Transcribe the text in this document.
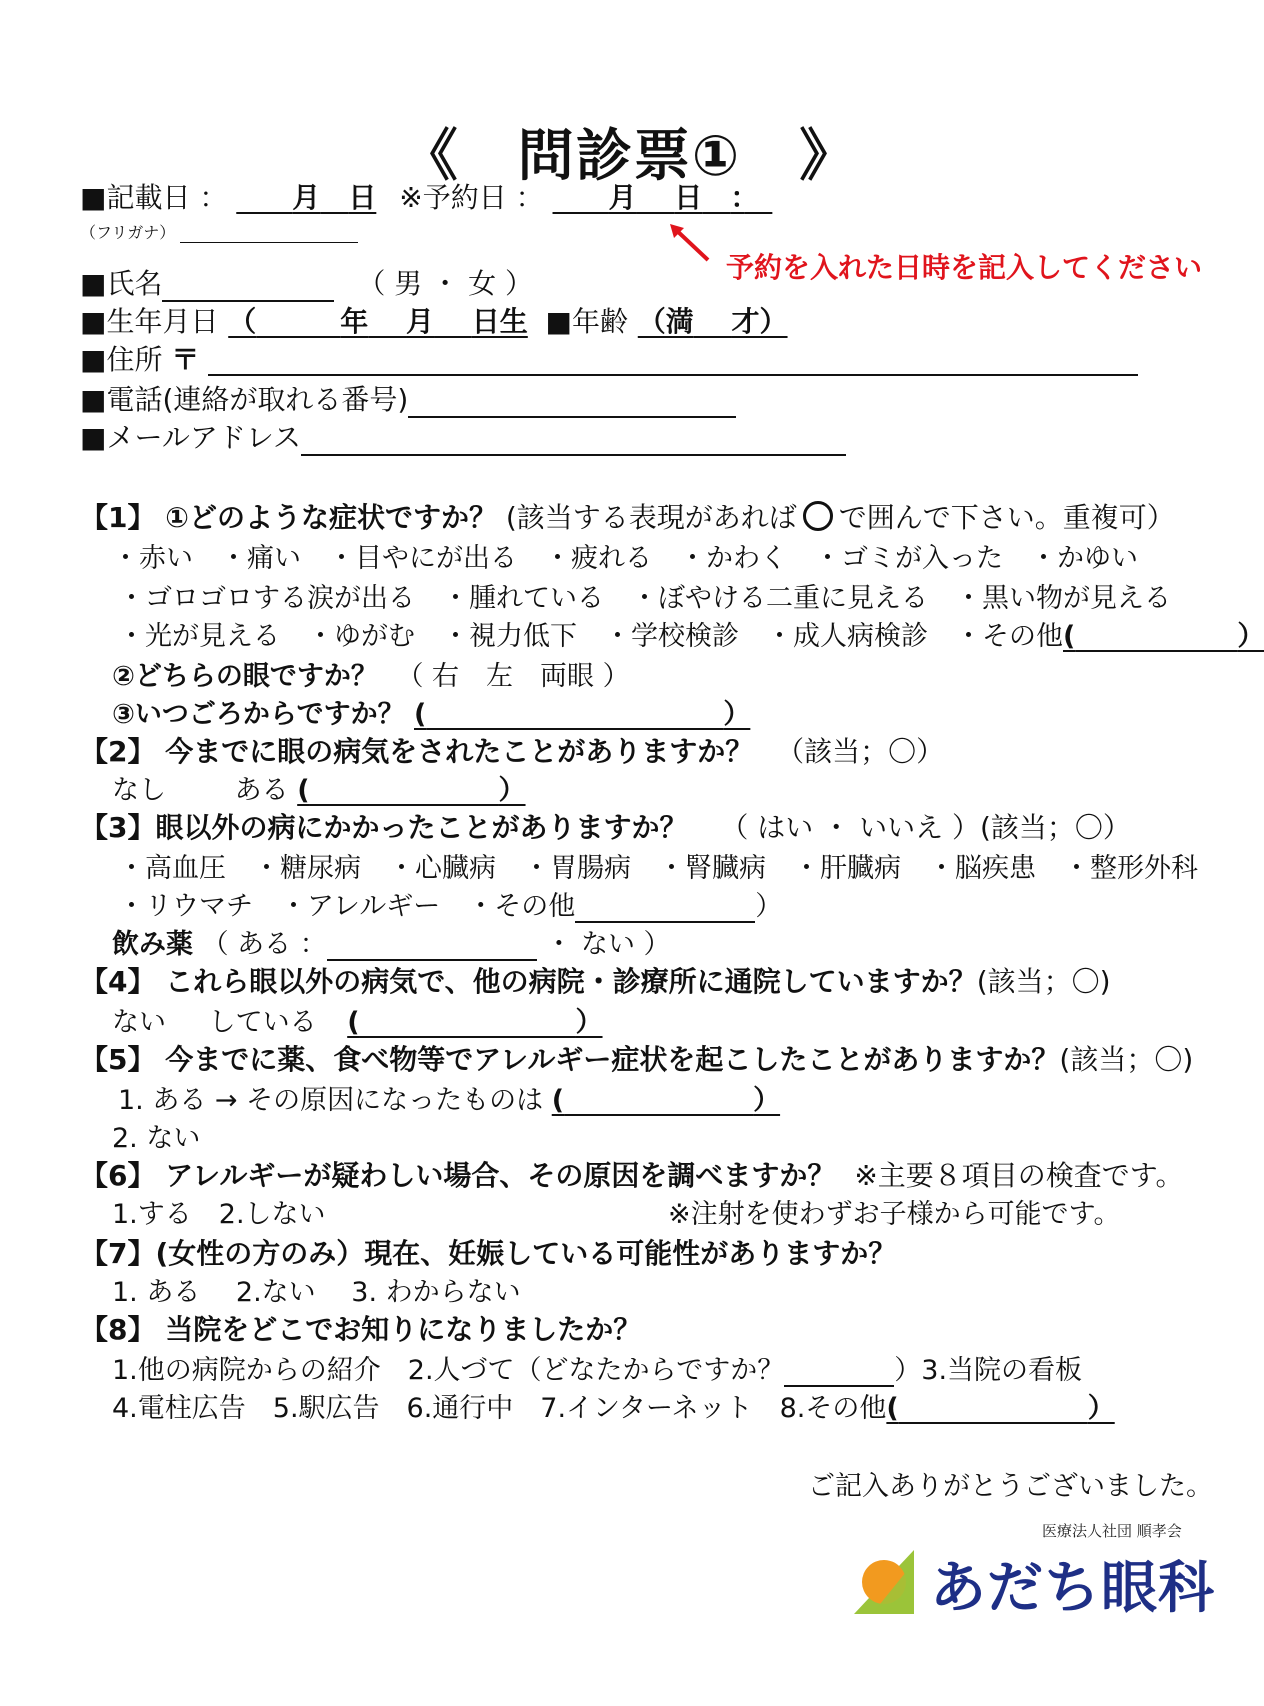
《　問診票①　》
■記載日 ： 　　 月　 日 ※予約日 ： 　　 月　 日　 ：　
（フリガナ）
予約を入れた日時を記入してください
■氏名	（ 男 ・ 女 ）
■生年月日 （　　　	年　 月　 日生 ■年齢 （満　 才）
■住所 〒
■電話(連絡が取れる番号)
■メールアドレス
【1】 ①どのような症状ですか？ (該当する表現があれば で囲んで下さい。重複可）
・赤い　・痛い　・目やにが出る　・疲れる　・かわく　・ゴミが入った　・かゆい
・ゴロゴロする涙が出る　・腫れている　・ぼやける二重に見える　・黒い物が見える
・光が見える　・ゆがむ　・視力低下　・学校検診　・成人病検診　・その他(　　　　　　	）
②どちらの眼ですか？ （ 右　左　両眼 ）
③いつごろからですか？ (　　　　　　　　　　　	）
【2】 今までに眼の病気をされたことがありますか？ （該当；〇）
なし	ある (　　　　　　　	）
【3】眼以外の病にかかったことがありますか？ （ はい ・ いいえ ）(該当；〇）
・高血圧　・糖尿病　・心臓病　・胃腸病　・腎臓病　・肝臓病　・脳疾患　・整形外科
・リウマチ　・アレルギー　・その他	）
飲み薬 （ ある ：	・ ない ）
【4】 これら眼以外の病気で、他の病院・診療所に通院していますか？(該当；〇)
ない している (　　　　　　　　	）
【5】 今までに薬、食べ物等でアレルギー症状を起こしたことがありますか？(該当；〇)
1. ある → その原因になったものは (　　　　　　　	）
2. ない
【6】 アレルギーが疑わしい場合、その原因を調べますか？ ※主要８項目の検査です。
1.する　2.しない	※注射を使わずお子様から可能です。
【7】(女性の方のみ）現在、妊娠している可能性がありますか？
1. ある　 2.ない　 3. わからない
【8】 当院をどこでお知りになりましたか？
1.他の病院からの紹介　2.人づて（どなたからですか？	）3.当院の看板
4.電柱広告　5.駅広告　6.通行中　7.インターネット　8.その他(　　　　　　　	）
ご記入ありがとうございました。
医療法人社団 順孝会
あだち眼科
